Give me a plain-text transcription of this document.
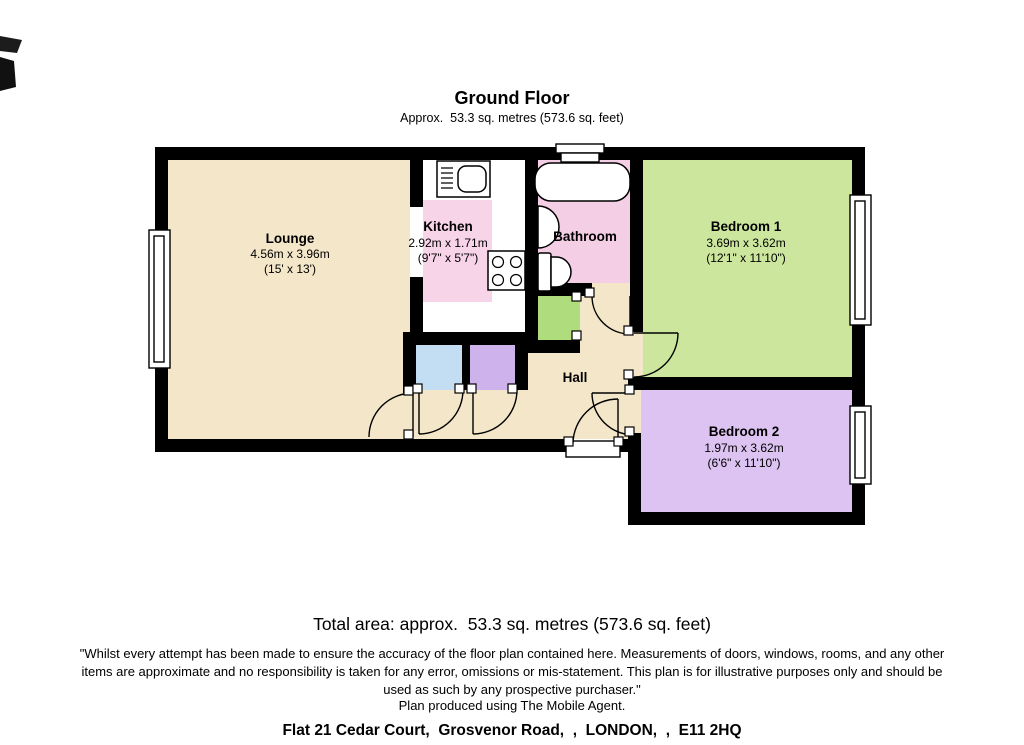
Ground Floor
Approx.  53.3 sq. metres (573.6 sq. feet)
Lounge
4.56m x 3.96m
(15' x 13')
Kitchen
2.92m x 1.71m
(9'7" x 5'7")
Bathroom
Hall
Bedroom 1
3.69m x 3.62m
(12'1" x 11'10")
Bedroom 2
1.97m x 3.62m
(6'6" x 11'10")
Total area: approx.  53.3 sq. metres (573.6 sq. feet)
"Whilst every attempt has been made to ensure the accuracy of the floor plan contained here. Measurements of doors, windows, rooms, and any other
items are approximate and no responsibility is taken for any error, omissions or mis-statement. This plan is for illustrative purposes only and should be
used as such by any prospective purchaser."
Plan produced using The Mobile Agent.
Flat 21 Cedar Court,  Grosvenor Road,  ,  LONDON,  ,  E11 2HQ
